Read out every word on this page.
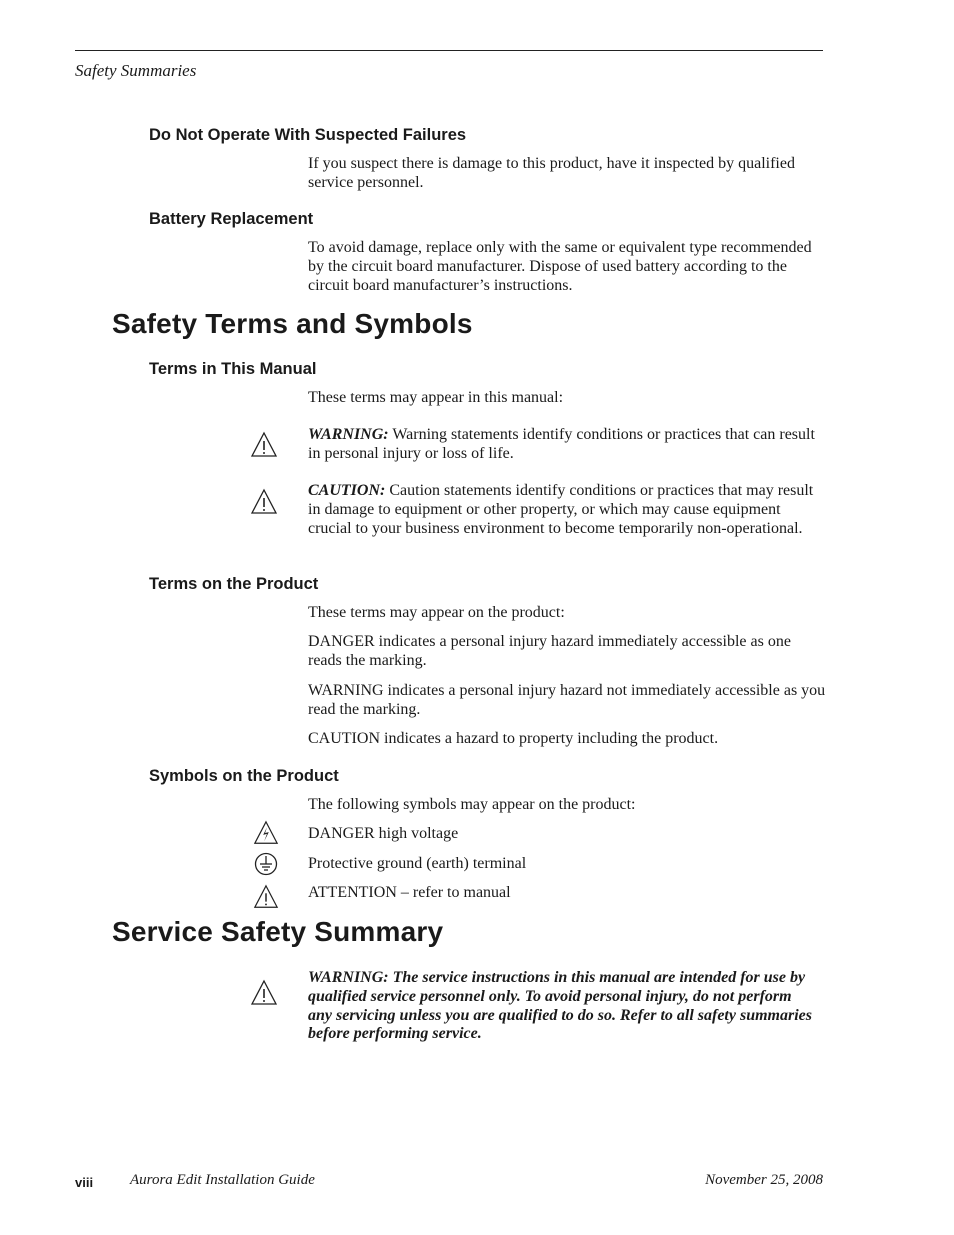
Safety Summaries
Do Not Operate With Suspected Failures

If you suspect there is damage to this product, have it inspected by qualified service personnel.

Battery Replacement

To avoid damage, replace only with the same or equivalent type recommended by the circuit board manufacturer. Dispose of used battery according to the circuit board manufacturer’s instructions.

Safety Terms and Symbols
Terms in This Manual

These terms may appear in this manual:

WARNING: Warning statements identify conditions or practices that can result in personal injury or loss of life.

CAUTION: Caution statements identify conditions or practices that may result in damage to equipment or other property, or which may cause equipment crucial to your business environment to become temporarily non-operational.

Terms on the Product

These terms may appear on the product:

DANGER indicates a personal injury hazard immediately accessible as one reads the marking.

WARNING indicates a personal injury hazard not immediately accessible as you read the marking.

CAUTION indicates a hazard to property including the product.

Symbols on the Product

The following symbols may appear on the product:

DANGER high voltage

Protective ground (earth) terminal

ATTENTION – refer to manual

Service Safety Summary

WARNING: The service instructions in this manual are intended for use by qualified service personnel only. To avoid personal injury, do not perform any servicing unless you are qualified to do so. Refer to all safety summaries before performing service.

viii Aurora Edit Installation Guide	November 25, 2008
